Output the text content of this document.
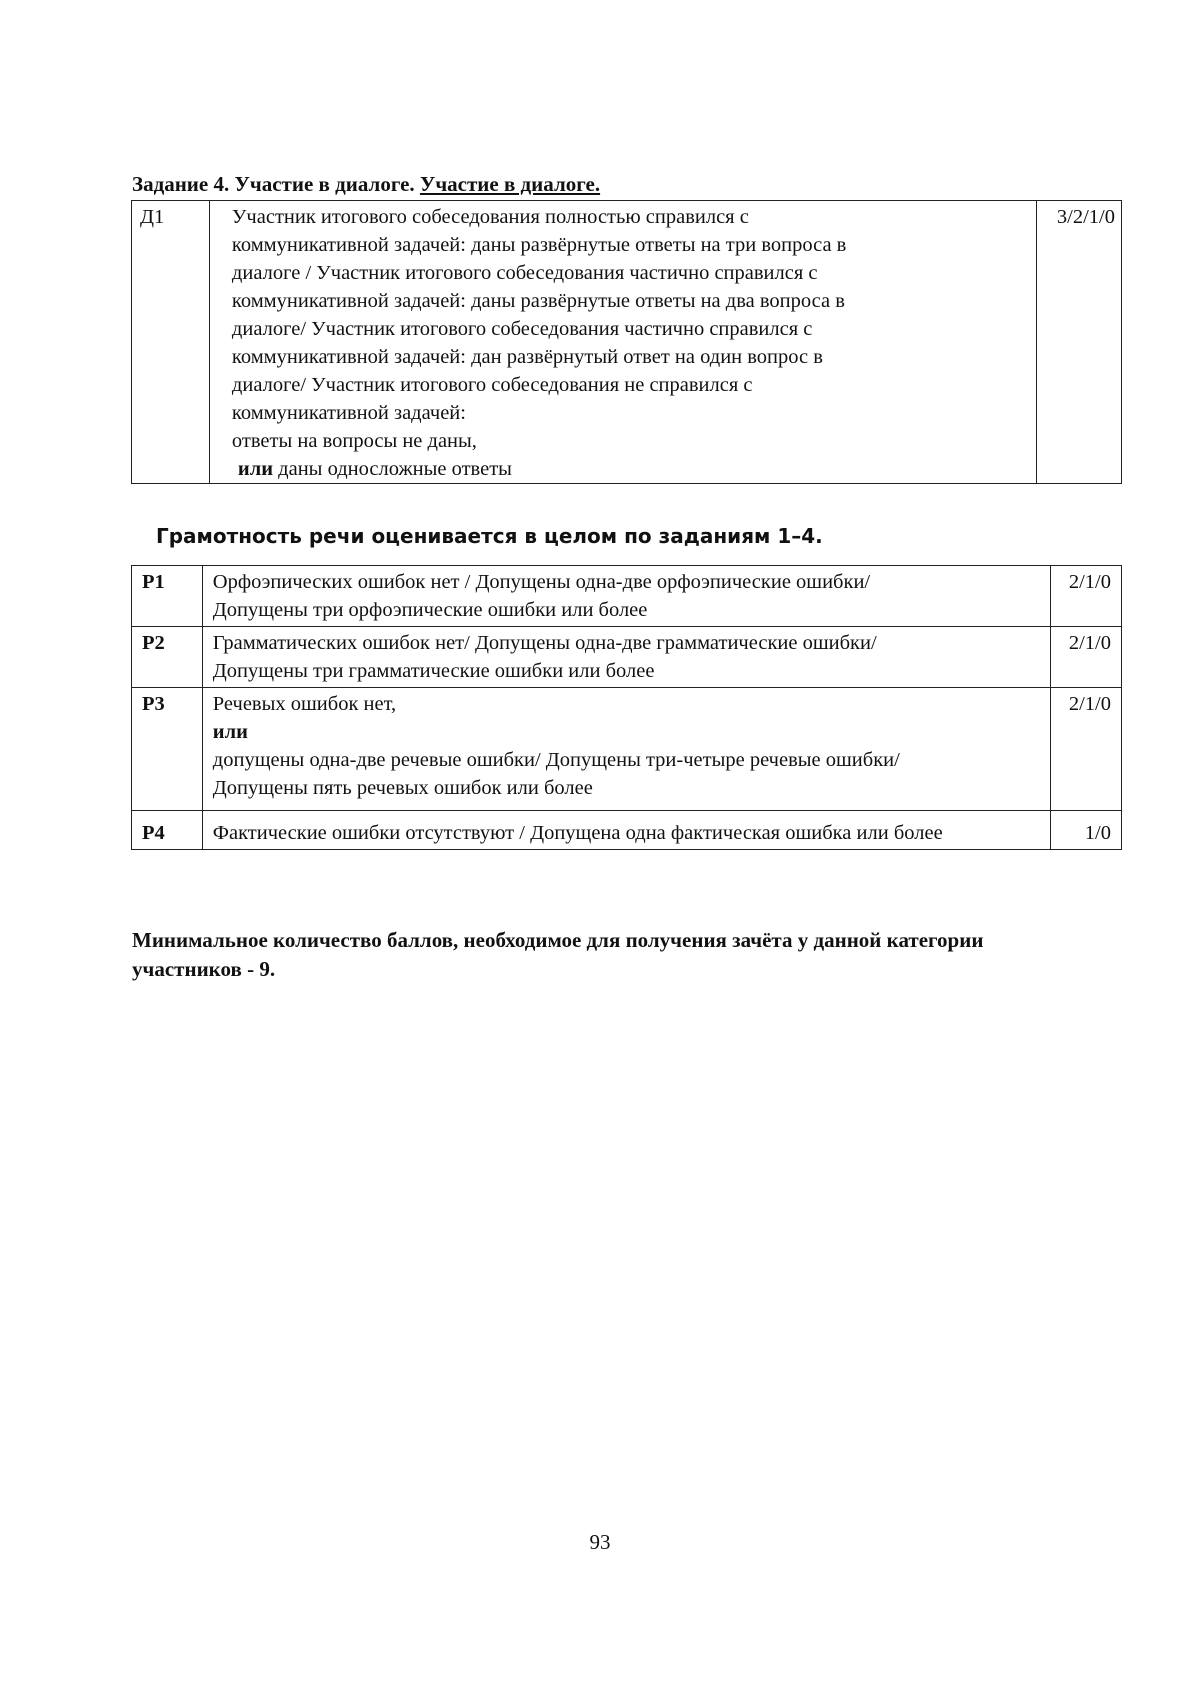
Задание 4. Участие в диалоге. Участие в диалоге.
Д1	Участник итогового собеседования полностью справился с
коммуникативной задачей: даны развёрнутые ответы на три вопроса в
диалоге / Участник итогового собеседования частично справился с
коммуникативной задачей: даны развёрнутые ответы на два вопроса в
диалоге/ Участник итогового собеседования частично справился с
коммуникативной задачей: дан развёрнутый ответ на один вопрос в
диалоге/ Участник итогового собеседования не справился с
коммуникативной задачей:
ответы на вопросы не даны,
или даны односложные ответы
	3/2/1/0
Грамотность речи оценивается в целом по заданиям 1–4.
Р1	Орфоэпических ошибок нет / Допущены одна-две орфоэпические ошибки/
Допущены три орфоэпические ошибки или более	2/1/0
Р2	Грамматических ошибок нет/ Допущены одна-две грамматические ошибки/
Допущены три грамматические ошибки или более	2/1/0
Р3	Речевых ошибок нет,
или
допущены одна-две речевые ошибки/ Допущены три-четыре речевые ошибки/
Допущены пять речевых ошибок или более	2/1/0
Р4	Фактические ошибки отсутствуют / Допущена одна фактическая ошибка или более	1/0
Минимальное количество баллов, необходимое для получения зачёта у данной категории участников - 9.
93
